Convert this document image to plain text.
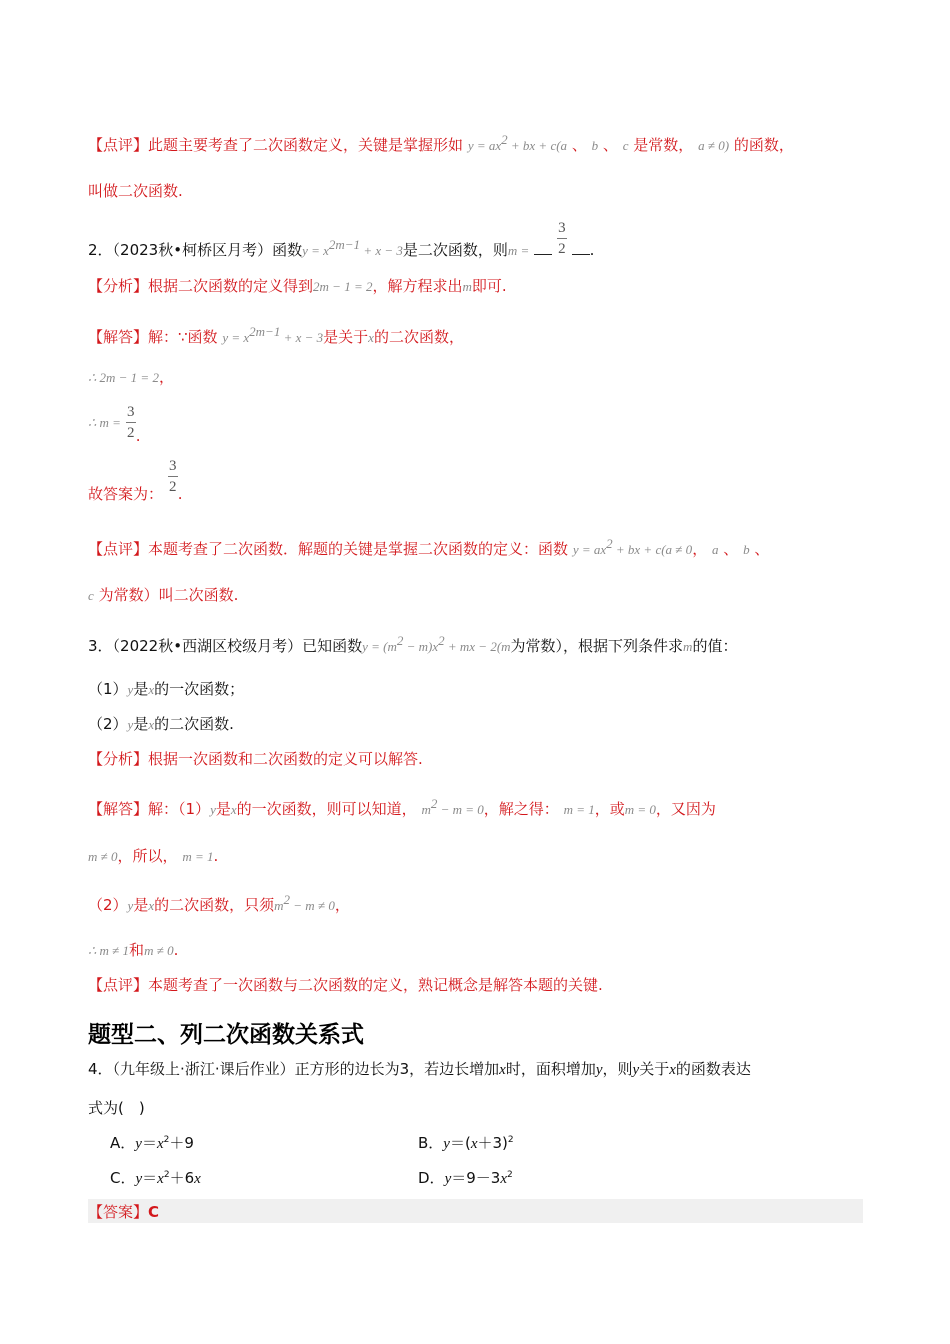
【点评】此题主要考查了二次函数定义，关键是掌握形如 $y = ax^2$ + bx + c(a 、 b 、 c 是常数， a ≠ 0) 的函数，
叫做二次函数.
2．（2023秋•柯桥区月考）函数$y = x^{2m-1} + x - 3$是二次函数，则$m = \frac{3}{2}$ .
【分析】根据二次函数的定义得到2m − 1 = 2，解方程求出m即可.
【解答】解：∵函数 $y = x^{2m-1} + x - 3$是关于x的二次函数，
∴ 2m − 1 = 2，
∴ $m = \frac{3}{2}$ .
故答案为： $\frac{3}{2}$ .
【点评】本题考查了二次函数．解题的关键是掌握二次函数的定义：函数 $y = ax^2$ + bx + c(a ≠ 0， a 、 b 、
c 为常数）叫二次函数.
3．（2022秋•西湖区校级月考）已知函数$y = (m^2 - m)x^2$ + mx − 2(m为常数），根据下列条件求m的值：
（1）y是x的一次函数；
（2）y是x的二次函数.
【分析】根据一次函数和二次函数的定义可以解答.
【解答】解：（1）y是x的一次函数，则可以知道， $m^2 - m = 0$，解之得： m = 1，或m = 0，又因为
m ≠ 0，所以， m = 1.
（2）y是x的二次函数，只须$m^2 - m \ne 0$，
∴ m ≠ 1和m ≠ 0.
【点评】本题考查了一次函数与二次函数的定义，熟记概念是解答本题的关键.
题型二、列二次函数关系式
4．（九年级上·浙江·课后作业）正方形的边长为3，若边长增加x时，面积增加y，则y关于x的函数表达
式为(　)
A．$y=x^2+9$	B．$y=(x+3)^2$
C．$y=x^2+6x$	D．$y=9-3x^2$
【答案】C
